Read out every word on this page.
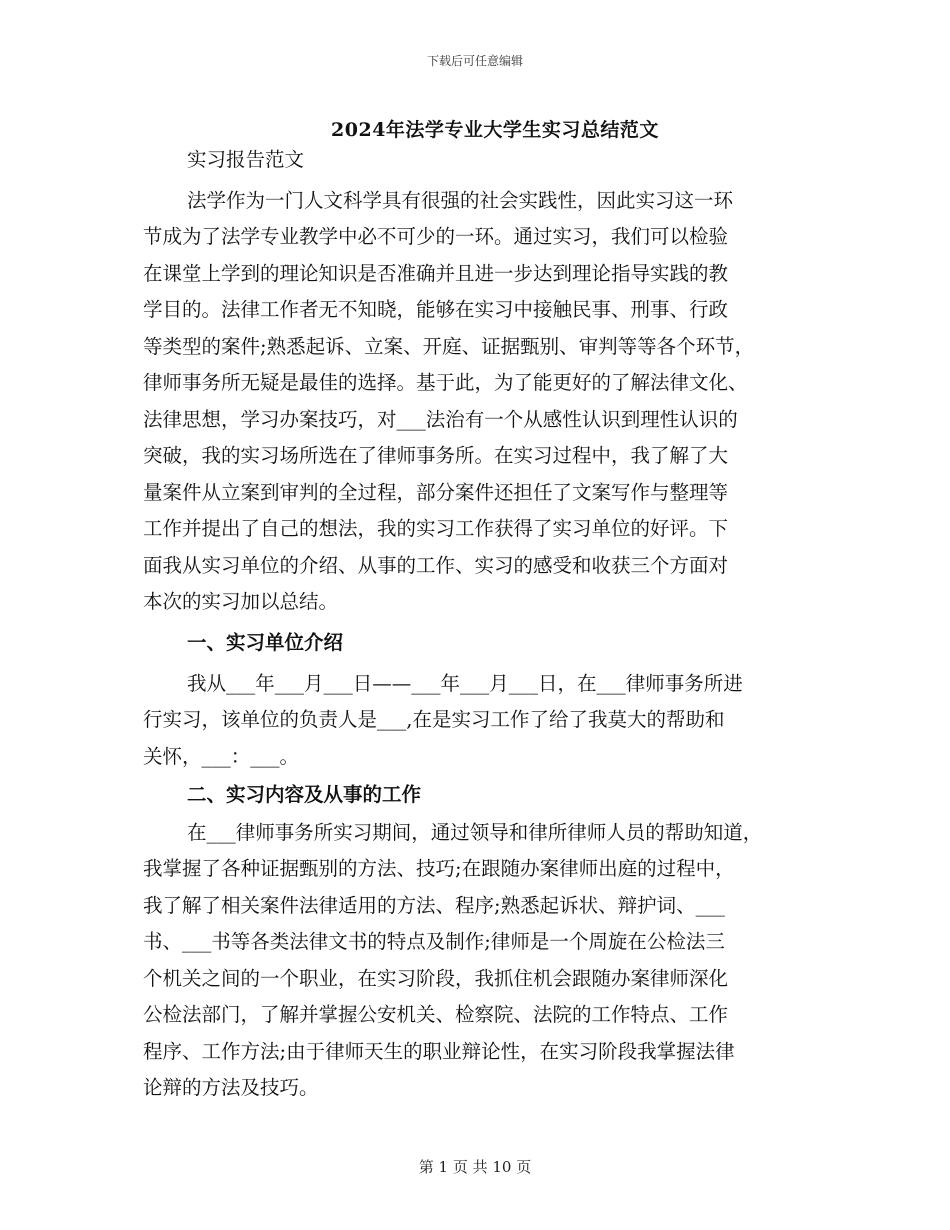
下载后可任意编辑
2024年法学专业大学生实习总结范文
实习报告范文
法学作为一门人文科学具有很强的社会实践性，因此实习这一环
节成为了法学专业教学中必不可少的一环。通过实习，我们可以检验
在课堂上学到的理论知识是否准确并且进一步达到理论指导实践的教
学目的。法律工作者无不知晓，能够在实习中接触民事、刑事、行政
等类型的案件;熟悉起诉、立案、开庭、证据甄别、审判等等各个环节，
律师事务所无疑是最佳的选择。基于此，为了能更好的了解法律文化、
法律思想，学习办案技巧，对___法治有一个从感性认识到理性认识的
突破，我的实习场所选在了律师事务所。在实习过程中，我了解了大
量案件从立案到审判的全过程，部分案件还担任了文案写作与整理等
工作并提出了自己的想法，我的实习工作获得了实习单位的好评。下
面我从实习单位的介绍、从事的工作、实习的感受和收获三个方面对
本次的实习加以总结。
一、实习单位介绍
我从___年___月___日——___年___月___日，在___律师事务所进
行实习，该单位的负责人是___,在是实习工作了给了我莫大的帮助和
关怀，___：___。
二、实习内容及从事的工作
在___律师事务所实习期间，通过领导和律所律师人员的帮助知道，
我掌握了各种证据甄别的方法、技巧;在跟随办案律师出庭的过程中，
我了解了相关案件法律适用的方法、程序;熟悉起诉状、辩护词、___
书、___书等各类法律文书的特点及制作;律师是一个周旋在公检法三
个机关之间的一个职业，在实习阶段，我抓住机会跟随办案律师深化
公检法部门，了解并掌握公安机关、检察院、法院的工作特点、工作
程序、工作方法;由于律师天生的职业辩论性，在实习阶段我掌握法律
论辩的方法及技巧。
第 1 页 共 10 页
